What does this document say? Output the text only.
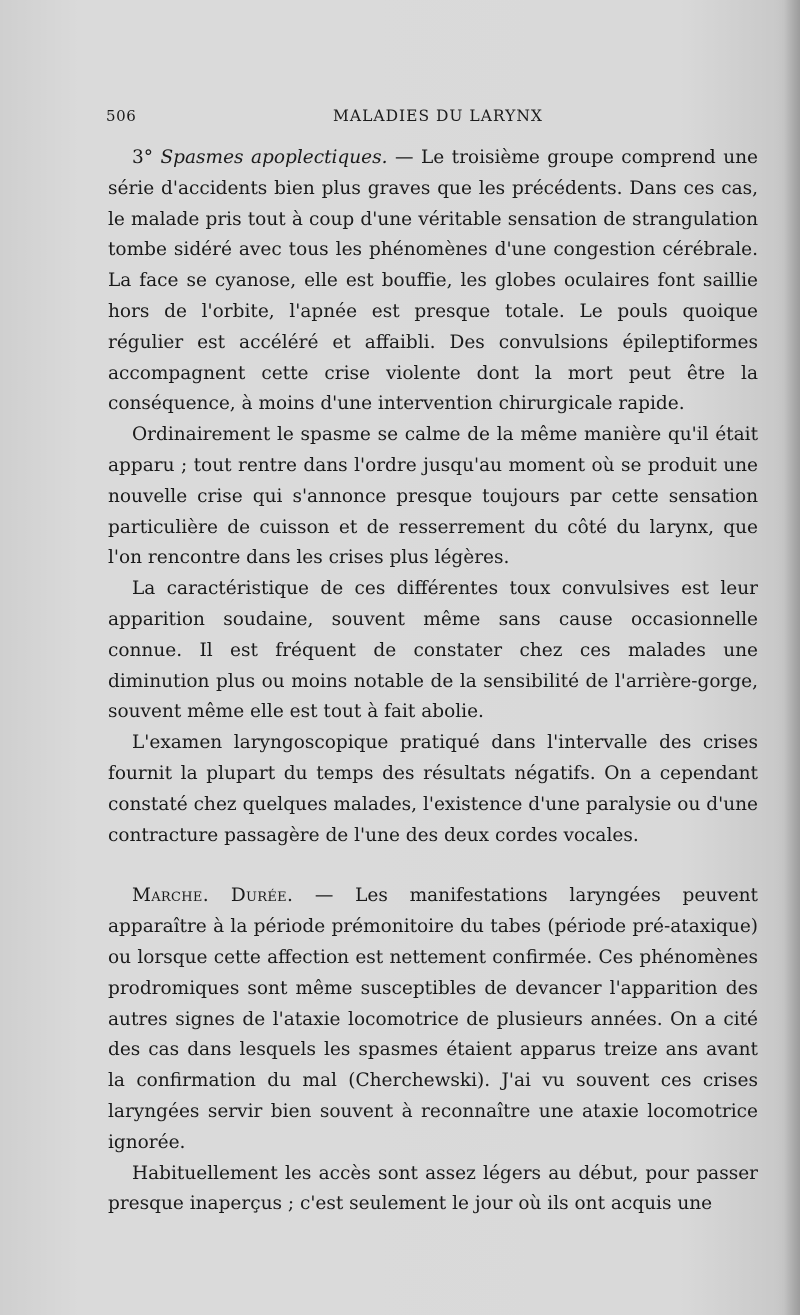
506	MALADIES DU LARYNX

3° Spasmes apoplectiques. — Le troisième groupe comprend une série d'accidents bien plus graves que les précédents. Dans ces cas, le malade pris tout à coup d'une véritable sensation de strangulation tombe sidéré avec tous les phénomènes d'une congestion cérébrale. La face se cyanose, elle est bouffie, les globes oculaires font saillie hors de l'orbite, l'apnée est presque totale. Le pouls quoique régulier est accéléré et affaibli. Des convulsions épileptiformes accompagnent cette crise violente dont la mort peut être la conséquence, à moins d'une intervention chirurgicale rapide.

Ordinairement le spasme se calme de la même manière qu'il était apparu ; tout rentre dans l'ordre jusqu'au moment où se produit une nouvelle crise qui s'annonce presque toujours par cette sensation particulière de cuisson et de resserrement du côté du larynx, que l'on rencontre dans les crises plus légères.

La caractéristique de ces différentes toux convulsives est leur apparition soudaine, souvent même sans cause occasionnelle connue. Il est fréquent de constater chez ces malades une diminution plus ou moins notable de la sensibilité de l'arrière-gorge, souvent même elle est tout à fait abolie.

L'examen laryngoscopique pratiqué dans l'intervalle des crises fournit la plupart du temps des résultats négatifs. On a cependant constaté chez quelques malades, l'existence d'une paralysie ou d'une contracture passagère de l'une des deux cordes vocales.

Marche. Durée. — Les manifestations laryngées peuvent apparaître à la période prémonitoire du tabes (période pré-ataxique) ou lorsque cette affection est nettement confirmée. Ces phénomènes prodromiques sont même susceptibles de devancer l'apparition des autres signes de l'ataxie locomotrice de plusieurs années. On a cité des cas dans lesquels les spasmes étaient apparus treize ans avant la confirmation du mal (Cherchewski). J'ai vu souvent ces crises laryngées servir bien souvent à reconnaître une ataxie locomotrice ignorée.

Habituellement les accès sont assez légers au début, pour passer presque inaperçus ; c'est seulement le jour où ils ont acquis une
